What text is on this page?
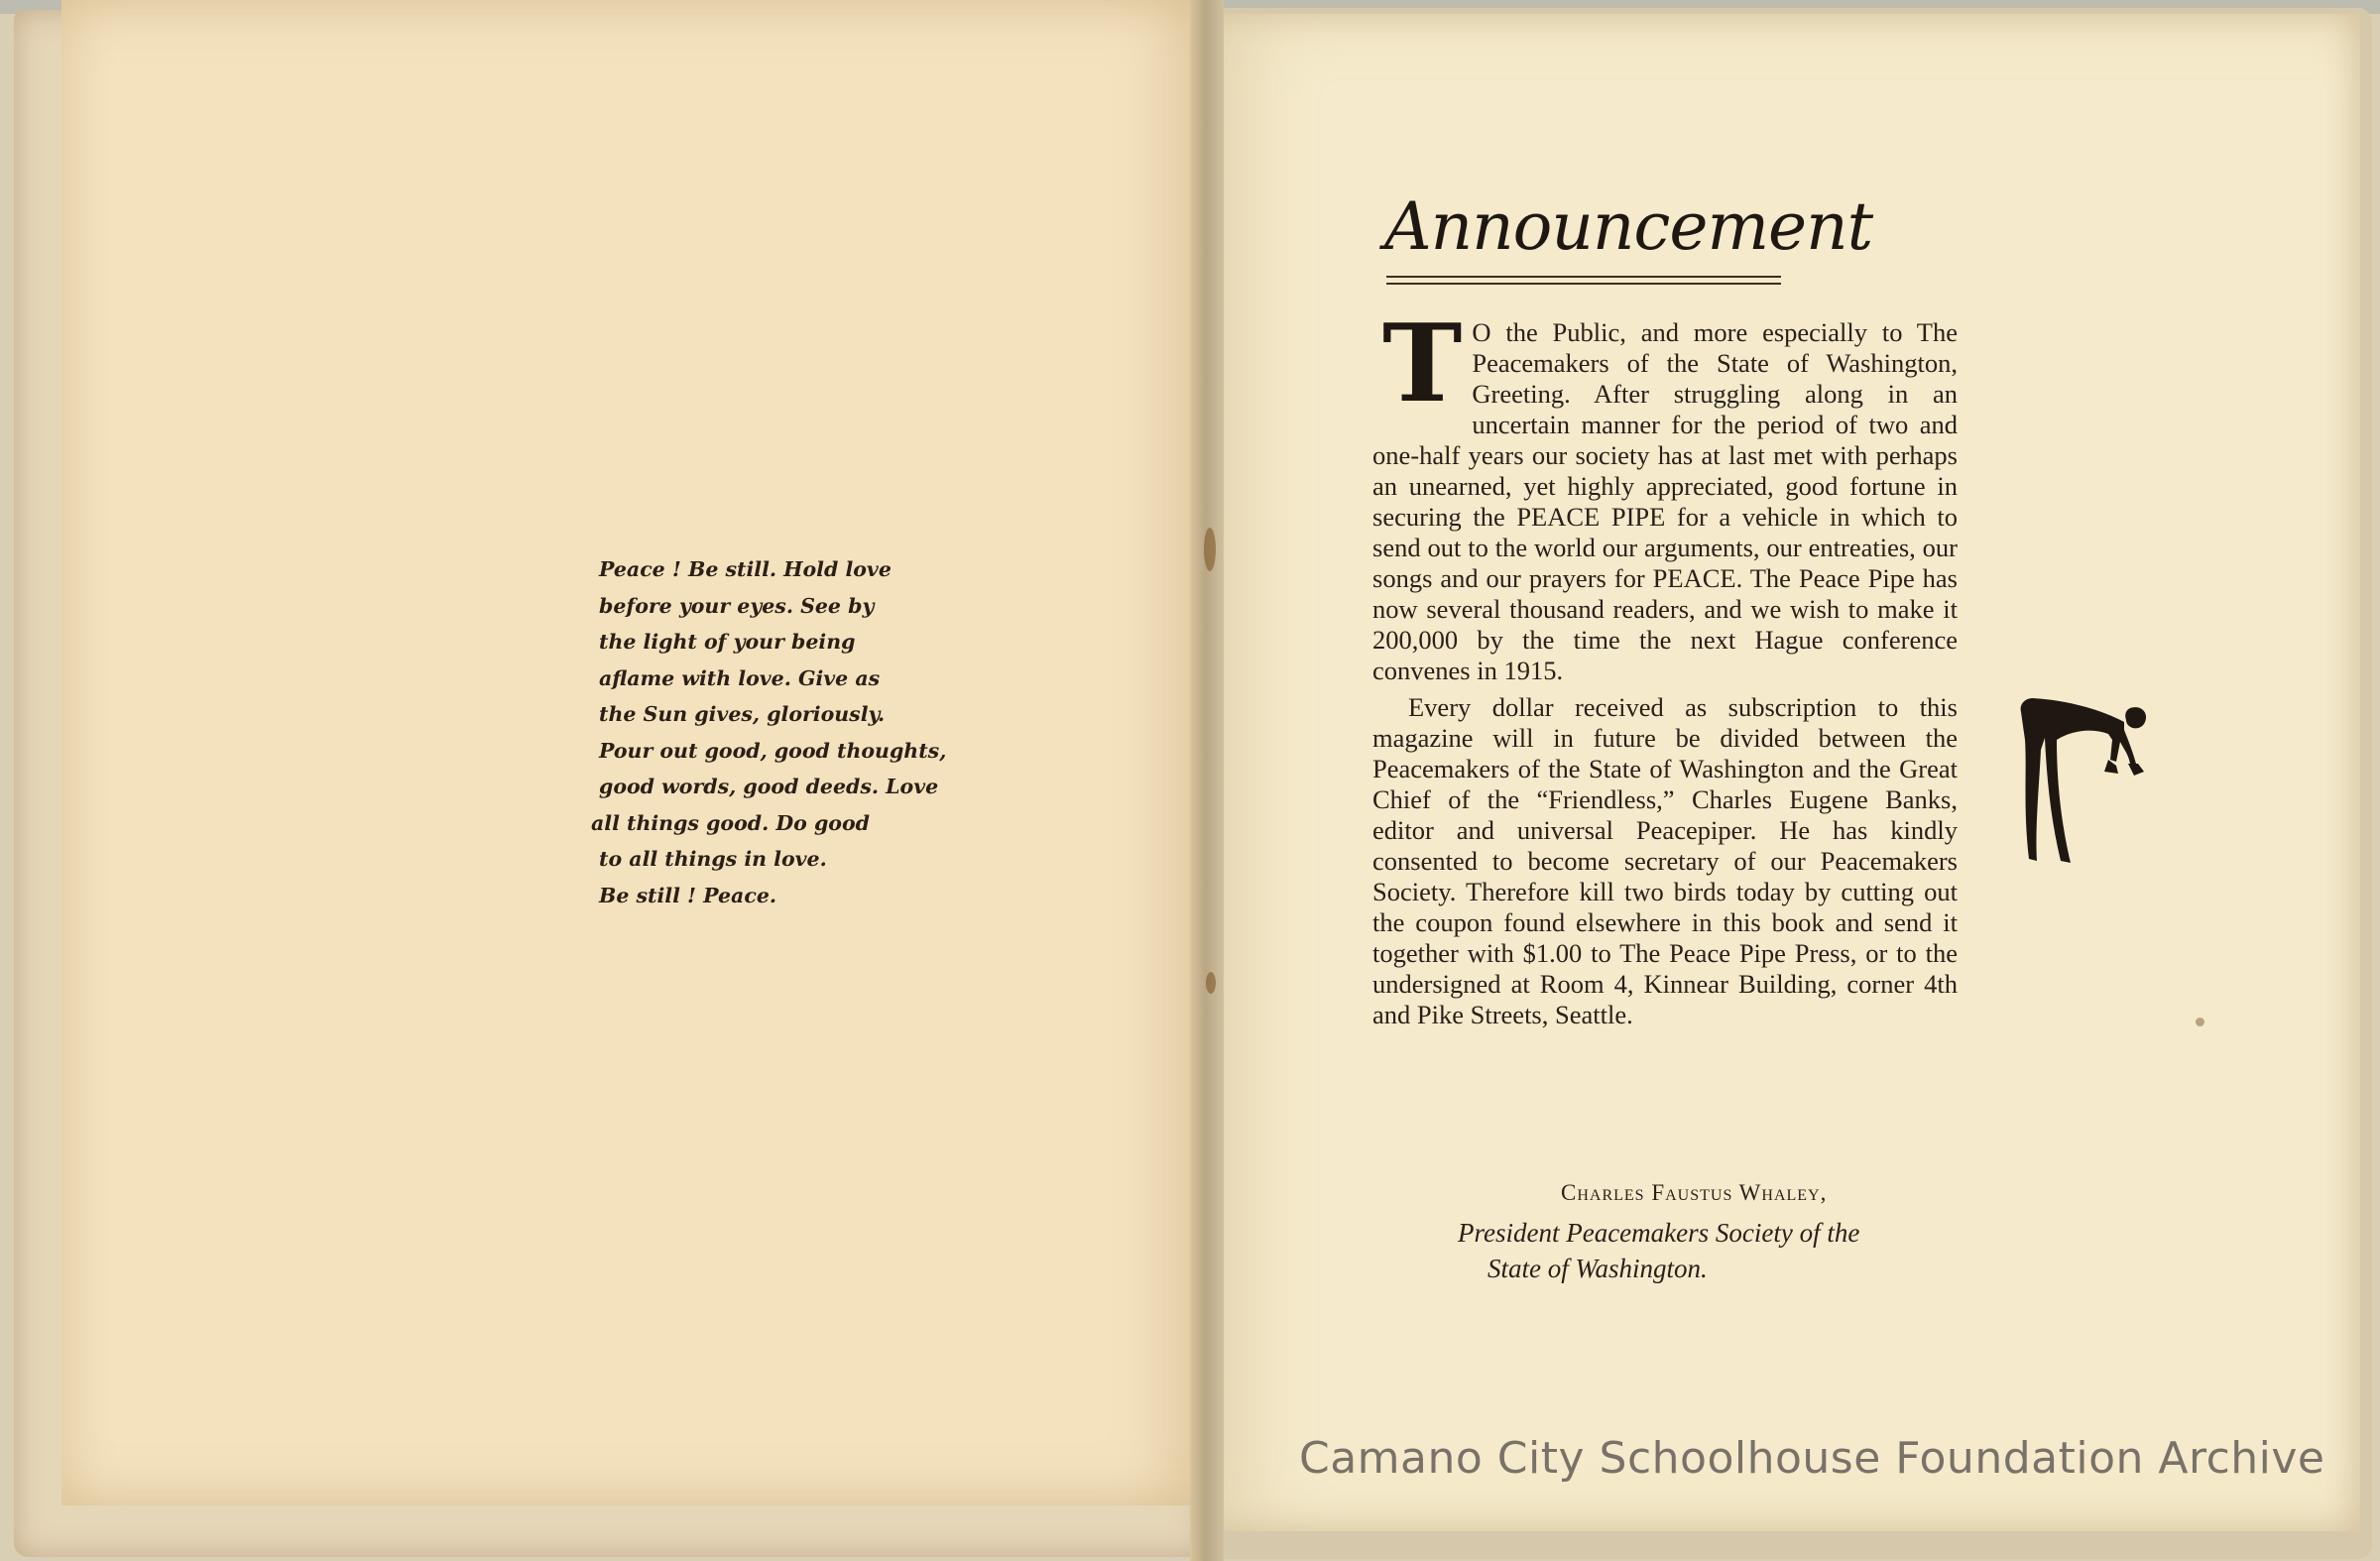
Peace ! Be still. Hold love
before your eyes. See by
the light of your being
aflame with love. Give as
the Sun gives, gloriously.
Pour out good, good thoughts,
good words, good deeds. Love
all things good. Do good
to all things in love.
Be still ! Peace.
Announcement

T O the Public, and more especially to The Peacemakers of the State of Washington, Greeting. After struggling along in an uncertain manner for the period of two and one-half years our society has at last met with perhaps an unearned, yet highly appreciated, good fortune in securing the PEACE PIPE for a vehicle in which to send out to the world our arguments, our entreaties, our songs and our prayers for PEACE. The Peace Pipe has now several thousand readers, and we wish to make it 200,000 by the time the next Hague conference convenes in 1915.

Every dollar received as subscription to this magazine will in future be divided between the Peacemakers of the State of Washington and the Great Chief of the “Friendless,” Charles Eugene Banks, editor and universal Peacepiper. He has kindly consented to become secretary of our Peacemakers Society. Therefore kill two birds today by cutting out the coupon found elsewhere in this book and send it together with $1.00 to The Peace Pipe Press, or to the undersigned at Room 4, Kinnear Building, corner 4th and Pike Streets, Seattle.

Charles Faustus Whaley,
President Peacemakers Society of the
State of Washington.
Camano City Schoolhouse Foundation Archive
